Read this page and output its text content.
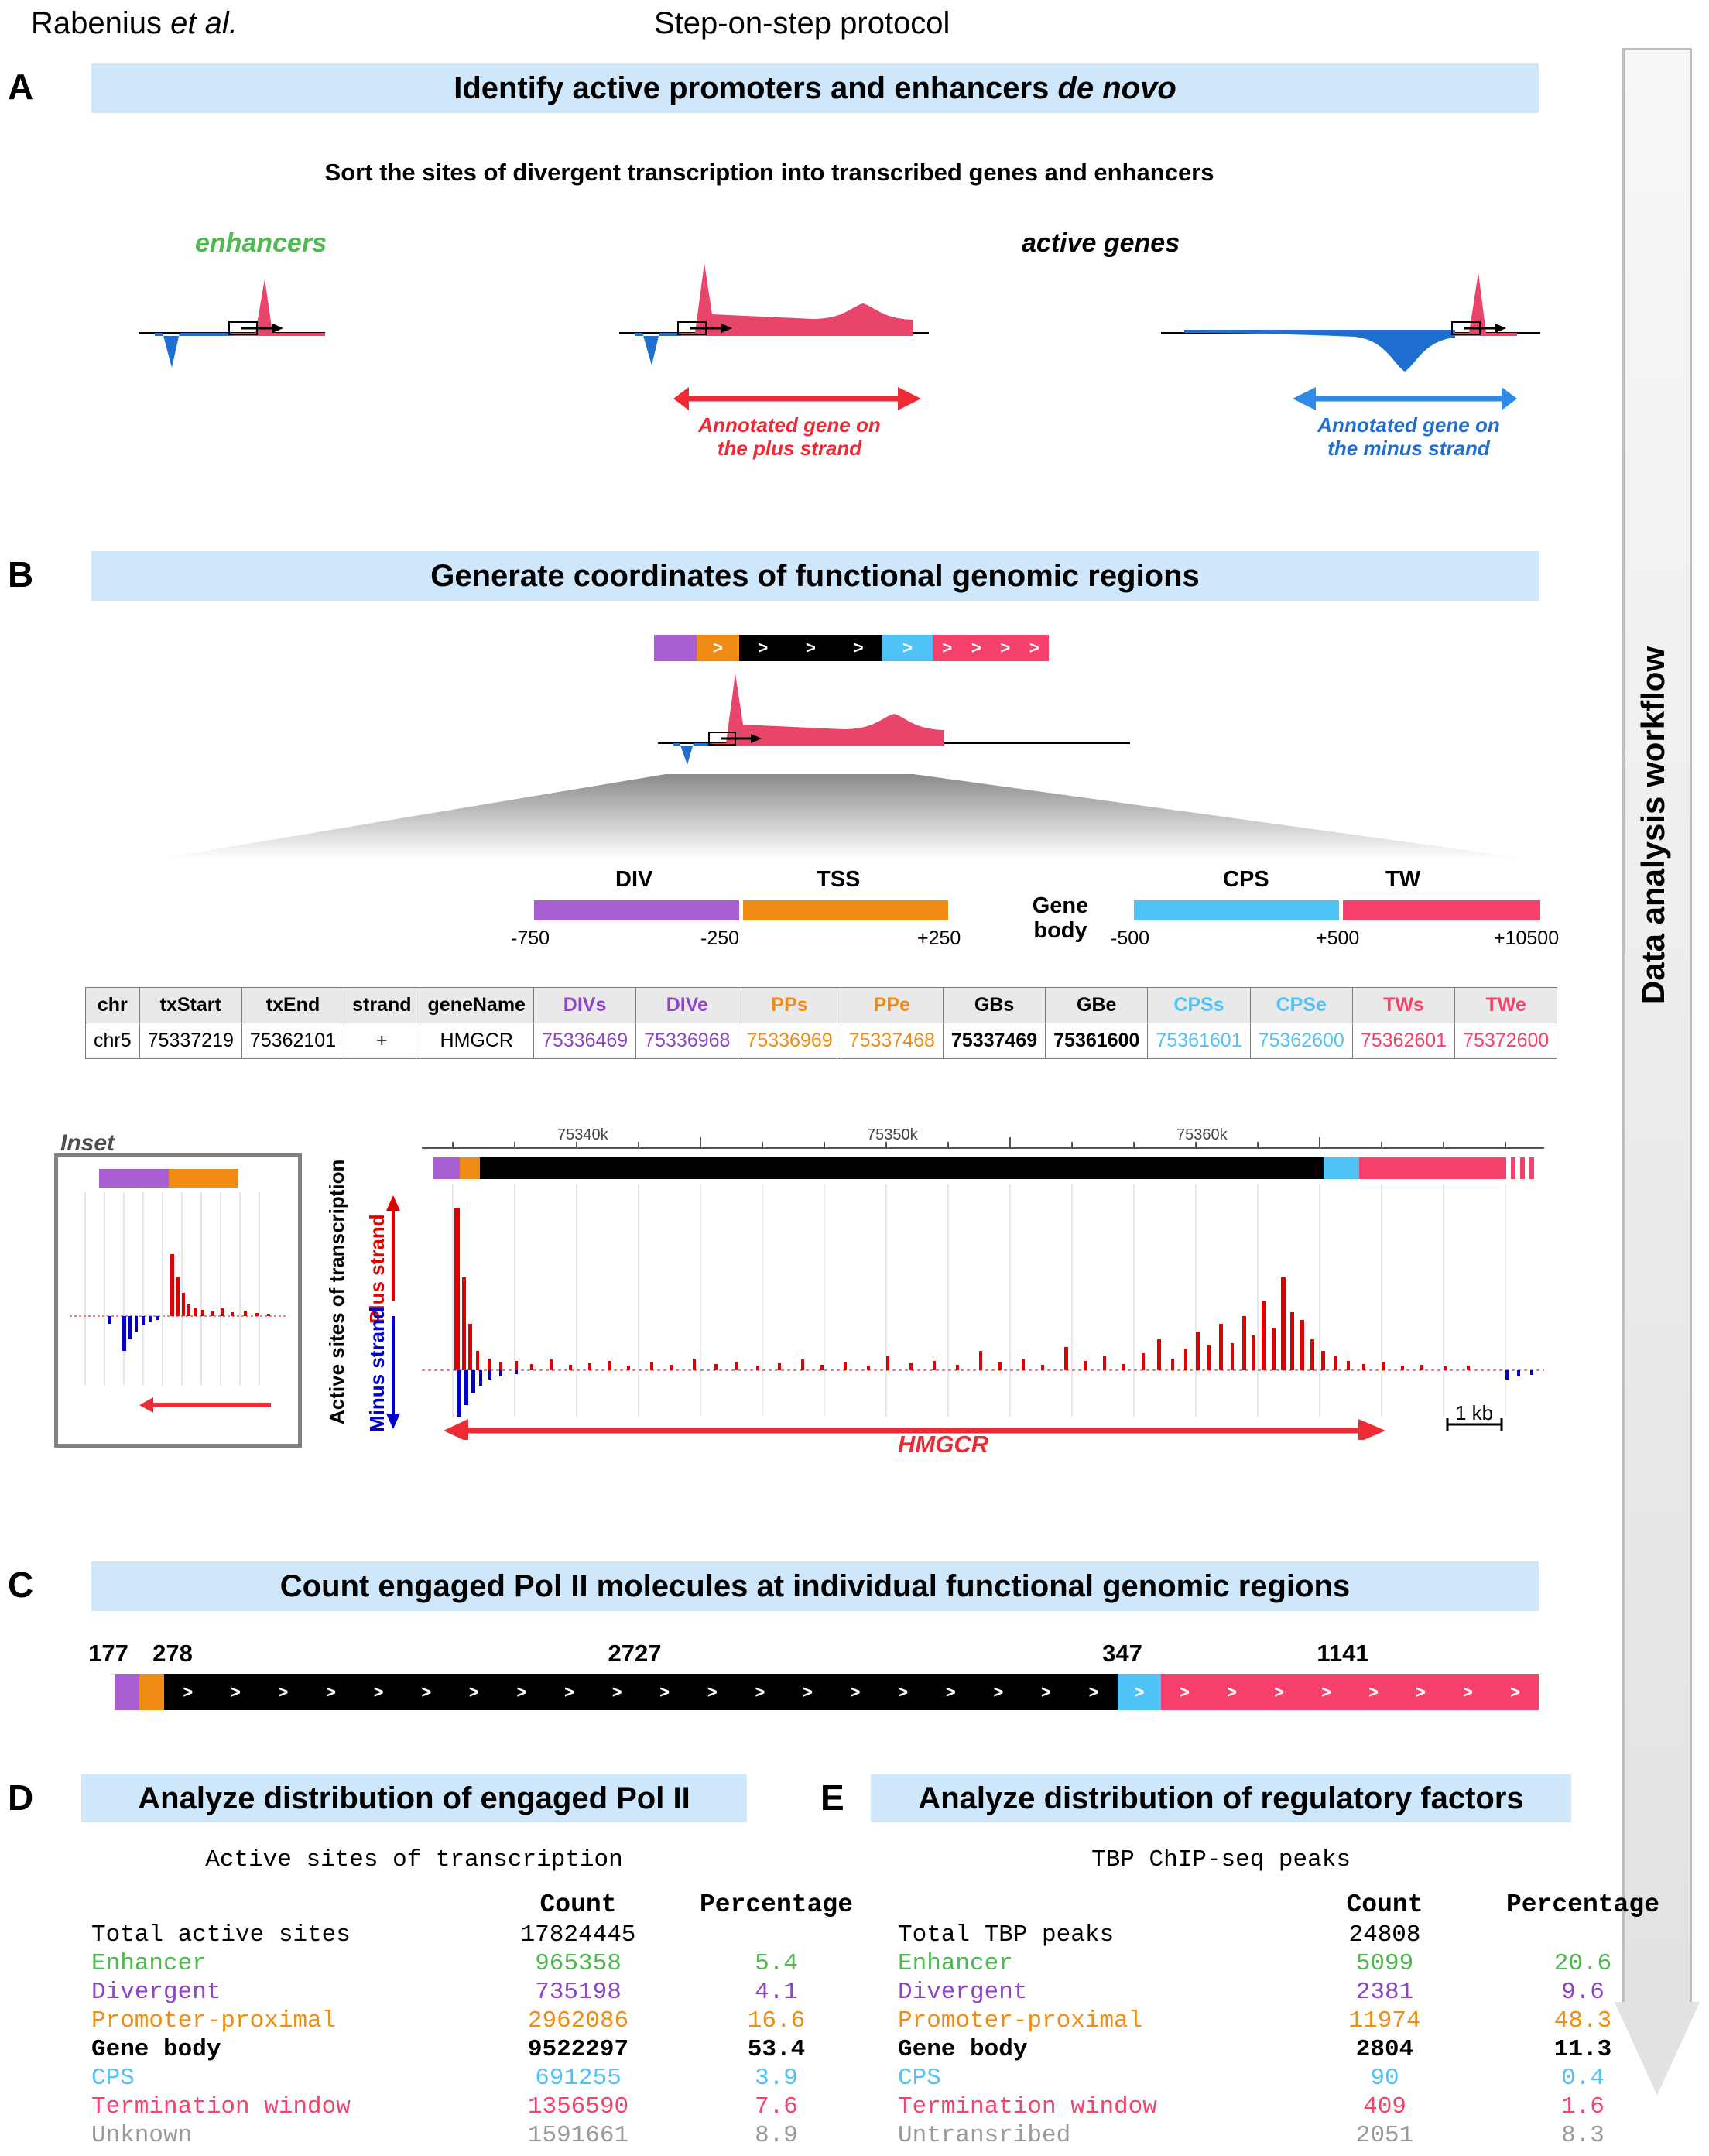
Rabenius et al.	Step-on-step protocol
Data analysis workflow
A	Identify active promoters and enhancers de novo
Sort the sites of divergent transcription into transcribed genes and enhancers
enhancers	active genes
Annotated gene on
the plus strand
Annotated gene on
the minus strand
B	Generate coordinates of functional genomic regions
> > > > > > > > >
DIV	TSS	CPS	TW
Gene
body
-750	-250	+250	-500	+500	+10500
chr	txStart	txEnd	strand	geneName	DIVs	DIVe	PPs	PPe	GBs	GBe	CPSs	CPSe	TWs	TWe
chr5	75337219	75362101	+	HMGCR	75336469	75336968	75336969	75337468	75337469	75361600	75361601	75362600	75362601	75372600
Inset
Active sites of transcription Plus strand
Minus strand
75340k	75350k	75360k
1 kb
HMGCR
C	Count engaged Pol II molecules at individual functional genomic regions
177	278	2727	347	1141
> > > > > > > > > > > > > > > > > > > > > > > > > > > > >
D	Analyze distribution of engaged Pol II
Active sites of transcription
	Count	Percentage
Total active sites	17824445	
Enhancer	965358	5.4
Divergent	735198	4.1
Promoter-proximal	2962086	16.6
Gene body	9522297	53.4
CPS	691255	3.9
Termination window	1356590	7.6
Unknown	1591661	8.9
E Analyze distribution of regulatory factors
TBP ChIP-seq peaks
	Count	Percentage
Total TBP peaks	24808	
Enhancer	5099	20.6
Divergent	2381	9.6
Promoter-proximal	11974	48.3
Gene body	2804	11.3
CPS	90	0.4
Termination window	409	1.6
Untransribed	2051	8.3
